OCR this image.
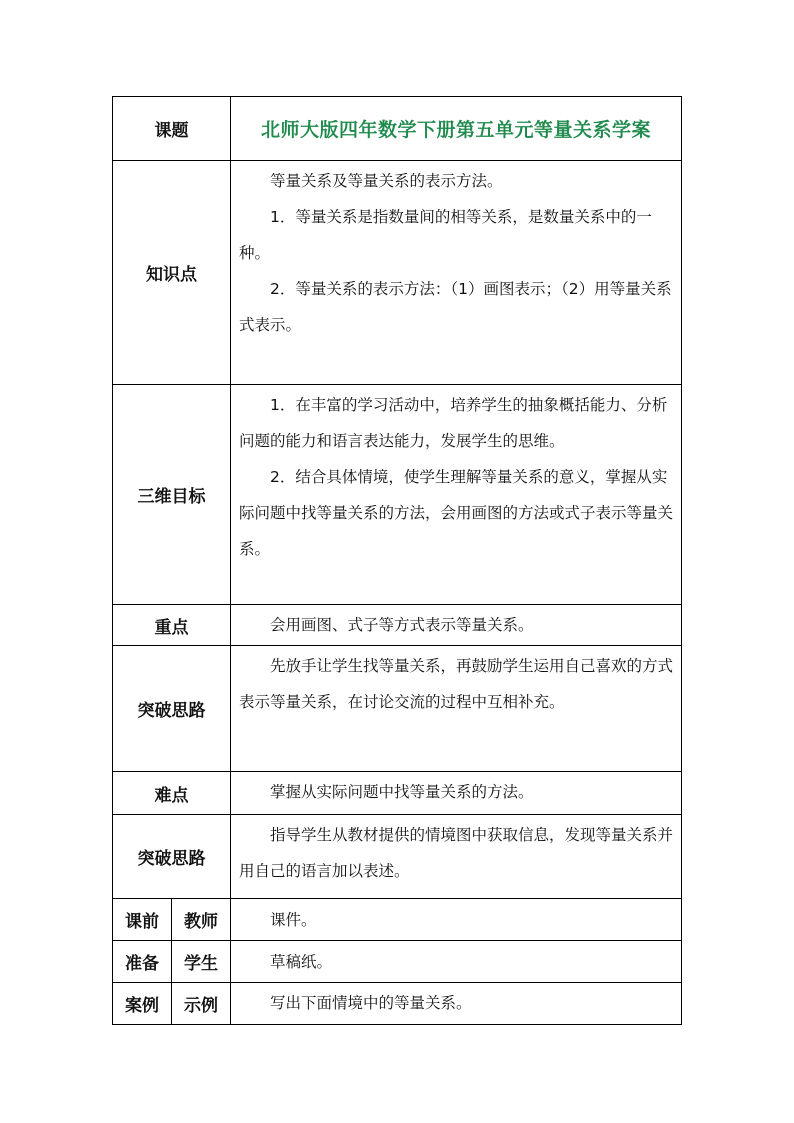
课题		北师大版四年数学下册第五单元等量关系学案
知识点		等量关系及等量关系的表示方法。

1．等量关系是指数量间的相等关系，是数量关系中的一种。

2．等量关系的表示方法：（1）画图表示；（2）用等量关系式表示。

三维目标		1．在丰富的学习活动中，培养学生的抽象概括能力、分析问题的能力和语言表达能力，发展学生的思维。

2．结合具体情境，使学生理解等量关系的意义，掌握从实际问题中找等量关系的方法，会用画图的方法或式子表示等量关系。

重点		会用画图、式子等方式表示等量关系。

突破思路		先放手让学生找等量关系，再鼓励学生运用自己喜欢的方式表示等量关系，在讨论交流的过程中互相补充。

难点		掌握从实际问题中找等量关系的方法。

突破思路		指导学生从教材提供的情境图中获取信息，发现等量关系并用自己的语言加以表述。

课前	教师	课件。

准备	学生	草稿纸。

案例	示例	写出下面情境中的等量关系。
